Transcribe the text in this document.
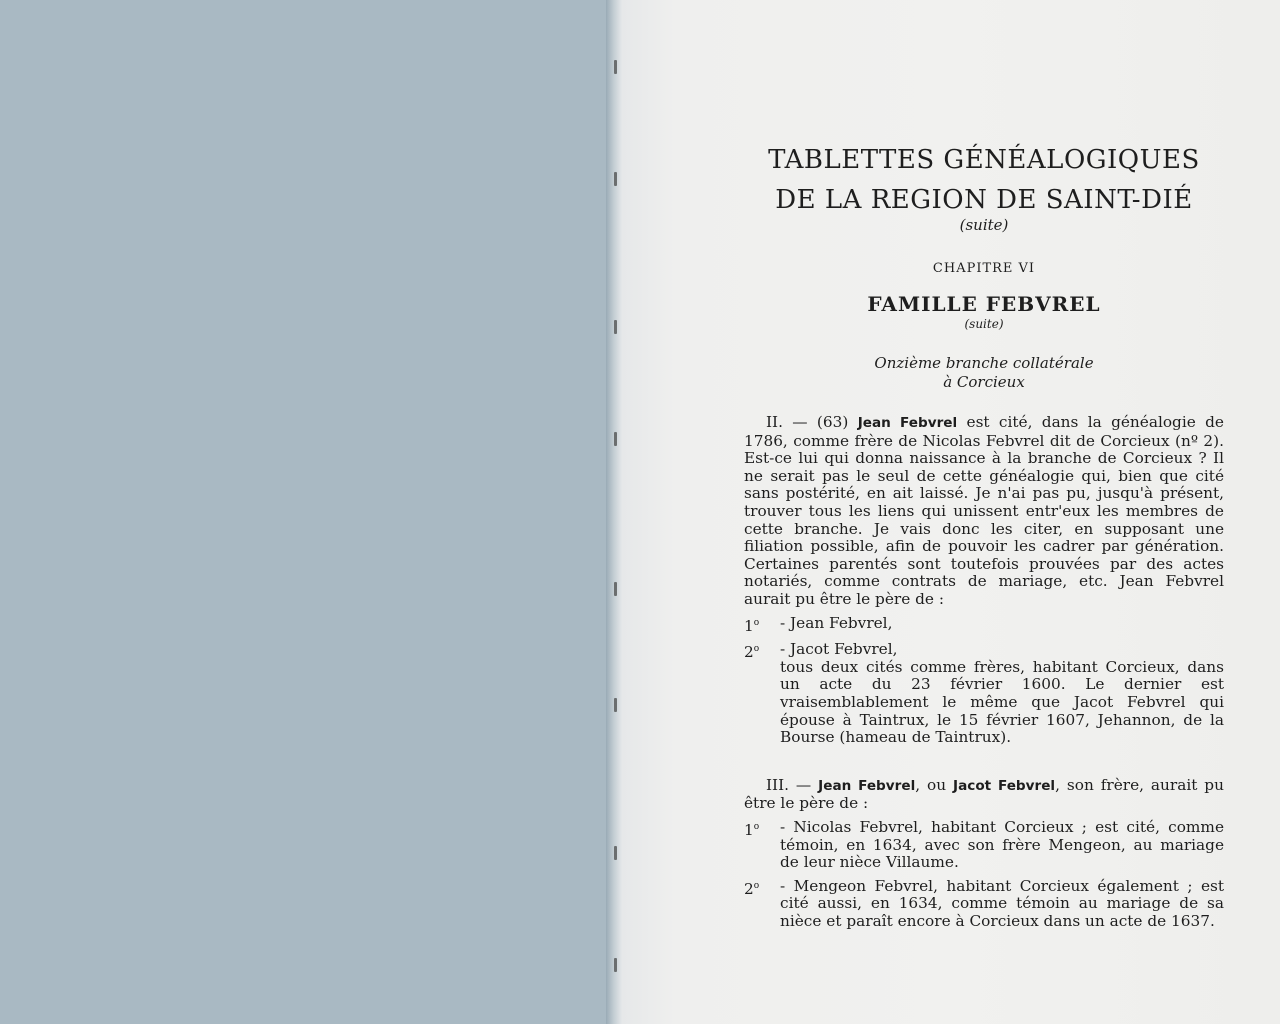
TABLETTES GÉNÉALOGIQUES
DE LA REGION DE SAINT-DIÉ
(suite)
CHAPITRE VI
FAMILLE FEBVREL
(suite)
Onzième branche collatérale
à Corcieux
II. — (63) Jean Febvrel est cité, dans la généalogie de 1786, comme frère de Nicolas Febvrel dit de Corcieux (nº 2). Est-ce lui qui donna naissance à la branche de Corcieux ? Il ne serait pas le seul de cette généalogie qui, bien que cité sans postérité, en ait laissé. Je n'ai pas pu, jusqu'à présent, trouver tous les liens qui unissent entr'eux les membres de cette branche. Je vais donc les citer, en supposant une filiation possible, afin de pouvoir les cadrer par génération. Certaines parentés sont toutefois prouvées par des actes notariés, comme contrats de mariage, etc. Jean Febvrel aurait pu être le père de :
1$^o$	- Jean Febvrel,
2$^o$	- Jacot Febvrel,
tous deux cités comme frères, habitant Corcieux, dans un acte du 23 février 1600. Le dernier est vraisemblablement le même que Jacot Febvrel qui épouse à Taintrux, le 15 février 1607, Jehannon, de la Bourse (hameau de Taintrux).
III. — Jean Febvrel, ou Jacot Febvrel, son frère, aurait pu être le père de :
1$^o$	- Nicolas Febvrel, habitant Corcieux ; est cité, comme témoin, en 1634, avec son frère Mengeon, au mariage de leur nièce Villaume.
2$^o$	- Mengeon Febvrel, habitant Corcieux également ; est cité aussi, en 1634, comme témoin au mariage de sa nièce et paraît encore à Corcieux dans un acte de 1637.
